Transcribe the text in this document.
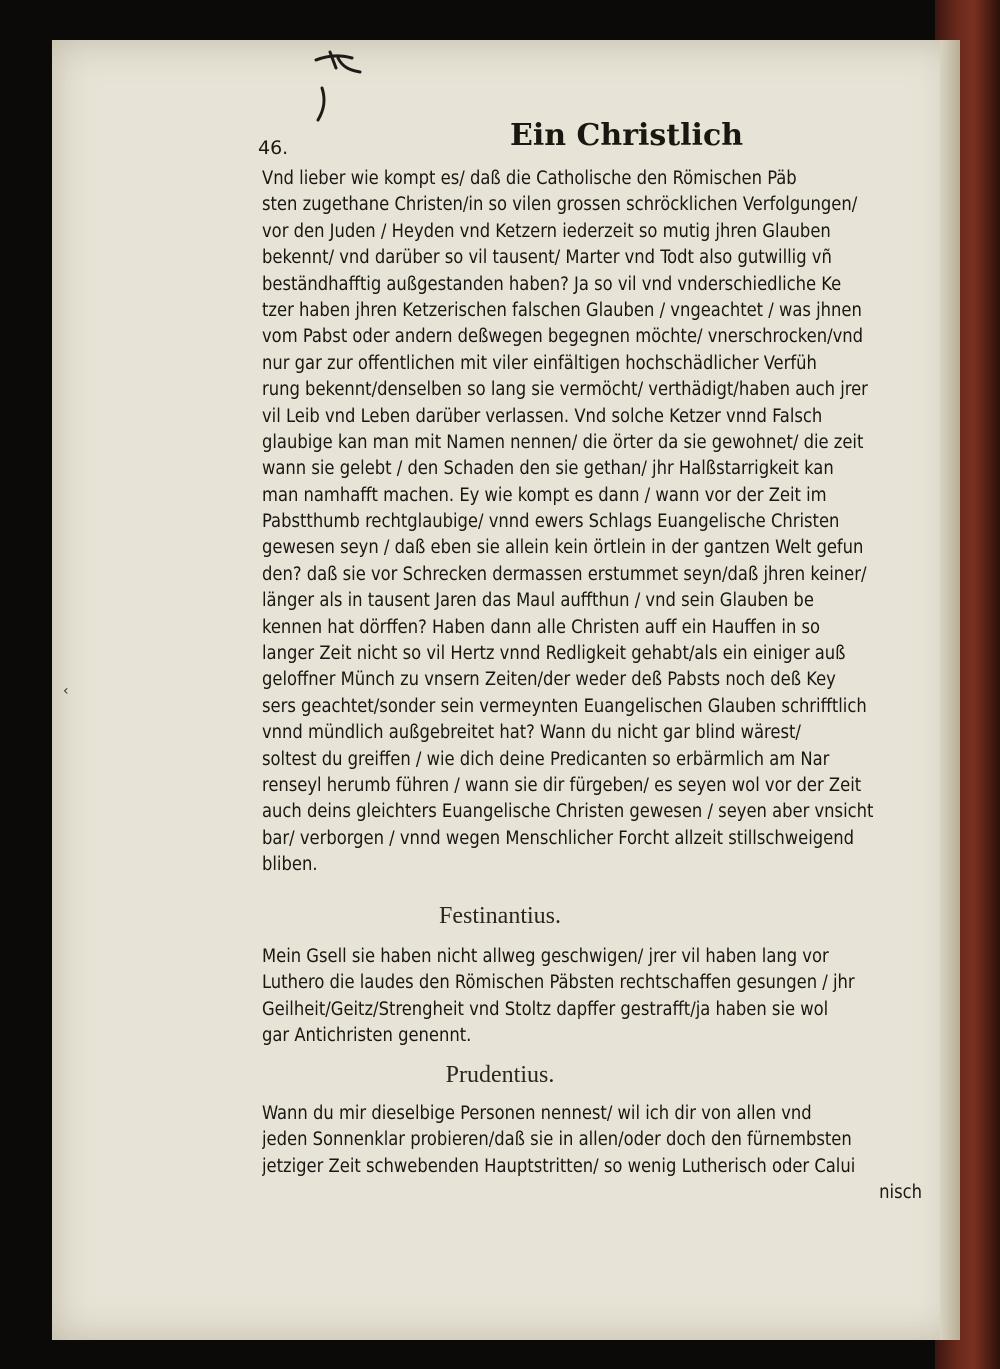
46.	Ein Christlich
Vnd lieber wie kompt es/ daß die Catholische den Römischen Päb
sten zugethane Christen/in so vilen grossen schröcklichen Verfolgungen/
vor den Juden / Heyden vnd Ketzern iederzeit so mutig jhren Glauben
bekennt/ vnd darüber so vil tausent/ Marter vnd Todt also gutwillig vñ
beständhafftig außgestanden haben? Ja so vil vnd vnderschiedliche Ke
tzer haben jhren Ketzerischen falschen Glauben / vngeachtet / was jhnen
vom Pabst oder andern deßwegen begegnen möchte/ vnerschrocken/vnd
nur gar zur offentlichen mit viler einfältigen hochschädlicher Verfüh
rung bekennt/denselben so lang sie vermöcht/ verthädigt/haben auch jrer
vil Leib vnd Leben darüber verlassen. Vnd solche Ketzer vnnd Falsch
glaubige kan man mit Namen nennen/ die örter da sie gewohnet/ die zeit
wann sie gelebt / den Schaden den sie gethan/ jhr Halßstarrigkeit kan
man namhafft machen. Ey wie kompt es dann / wann vor der Zeit im
Pabstthumb rechtglaubige/ vnnd ewers Schlags Euangelische Christen
gewesen seyn / daß eben sie allein kein örtlein in der gantzen Welt gefun
den? daß sie vor Schrecken dermassen erstummet seyn/daß jhren keiner/
länger als in tausent Jaren das Maul auffthun / vnd sein Glauben be
kennen hat dörffen? Haben dann alle Christen auff ein Hauffen in so
langer Zeit nicht so vil Hertz vnnd Redligkeit gehabt/als ein einiger auß
geloffner Münch zu vnsern Zeiten/der weder deß Pabsts noch deß Key
sers geachtet/sonder sein vermeynten Euangelischen Glauben schrifftlich
vnnd mündlich außgebreitet hat? Wann du nicht gar blind wärest/
soltest du greiffen / wie dich deine Predicanten so erbärmlich am Nar
renseyl herumb führen / wann sie dir fürgeben/ es seyen wol vor der Zeit
auch deins gleichters Euangelische Christen gewesen / seyen aber vnsicht
bar/ verborgen / vnnd wegen Menschlicher Forcht allzeit stillschweigend
bliben.
Festinantius.
Mein Gsell sie haben nicht allweg geschwigen/ jrer vil haben lang vor
Luthero die laudes den Römischen Päbsten rechtschaffen gesungen / jhr
Geilheit/Geitz/Strengheit vnd Stoltz dapffer gestrafft/ja haben sie wol
gar Antichristen genennt.
Prudentius.
Wann du mir dieselbige Personen nennest/ wil ich dir von allen vnd
jeden Sonnenklar probieren/daß sie in allen/oder doch den fürnembsten
jetziger Zeit schwebenden Hauptstritten/ so wenig Lutherisch oder Calui
nisch
‹
